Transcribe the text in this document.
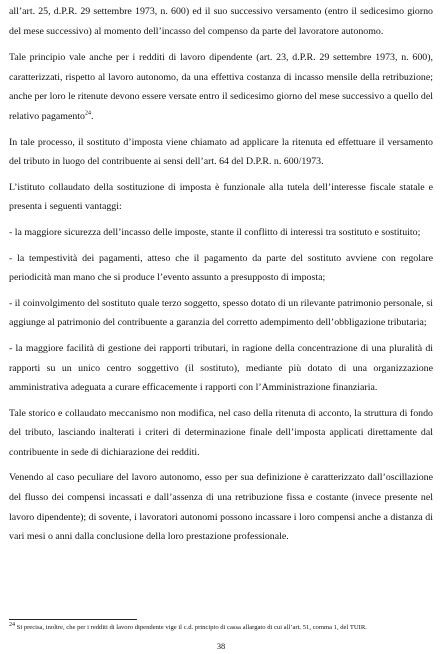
all’art. 25, d.P.R. 29 settembre 1973, n. 600) ed il suo successivo versamento (entro il sedicesimo giorno del mese successivo) al momento dell’incasso del compenso da parte del lavoratore autonomo.

Tale principio vale anche per i redditi di lavoro dipendente (art. 23, d.P.R. 29 settembre 1973, n. 600), caratterizzati, rispetto al lavoro autonomo, da una effettiva costanza di incasso mensile della retribuzione; anche per loro le ritenute devono essere versate entro il sedicesimo giorno del mese successivo a quello del relativo pagamento$^{24}$.

In tale processo, il sostituto d’imposta viene chiamato ad applicare la ritenuta ed effettuare il versamento del tributo in luogo del contribuente ai sensi dell’art. 64 del D.P.R. n. 600/1973.

L’istituto collaudato della sostituzione di imposta è funzionale alla tutela dell’interesse fiscale statale e presenta i seguenti vantaggi:

- la maggiore sicurezza dell’incasso delle imposte, stante il conflitto di interessi tra sostituto e sostituito;

- la tempestività dei pagamenti, atteso che il pagamento da parte del sostituto avviene con regolare periodicità man mano che si produce l’evento assunto a presupposto di imposta;

- il coinvolgimento del sostituto quale terzo soggetto, spesso dotato di un rilevante patrimonio personale, si aggiunge al patrimonio del contribuente a garanzia del corretto adempimento dell’obbligazione tributaria;

- la maggiore facilità di gestione dei rapporti tributari, in ragione della concentrazione di una pluralità di rapporti su un unico centro soggettivo (il sostituto), mediante più dotato di una organizzazione amministrativa adeguata a curare efficacemente i rapporti con l’Amministrazione finanziaria.

Tale storico e collaudato meccanismo non modifica, nel caso della ritenuta di acconto, la struttura di fondo del tributo, lasciando inalterati i criteri di determinazione finale dell’imposta applicati direttamente dal contribuente in sede di dichiarazione dei redditi.

Venendo al caso peculiare del lavoro autonomo, esso per sua definizione è caratterizzato dall’oscillazione del flusso dei compensi incassati e dall’assenza di una retribuzione fissa e costante (invece presente nel lavoro dipendente); di sovente, i lavoratori autonomi possono incassare i loro compensi anche a distanza di vari mesi o anni dalla conclusione della loro prestazione professionale.

$^{24}$ Si precisa, inoltre, che per i redditi di lavoro dipendente vige il c.d. principio di cassa allargato di cui all’art. 51, comma 1, del TUIR.
38
